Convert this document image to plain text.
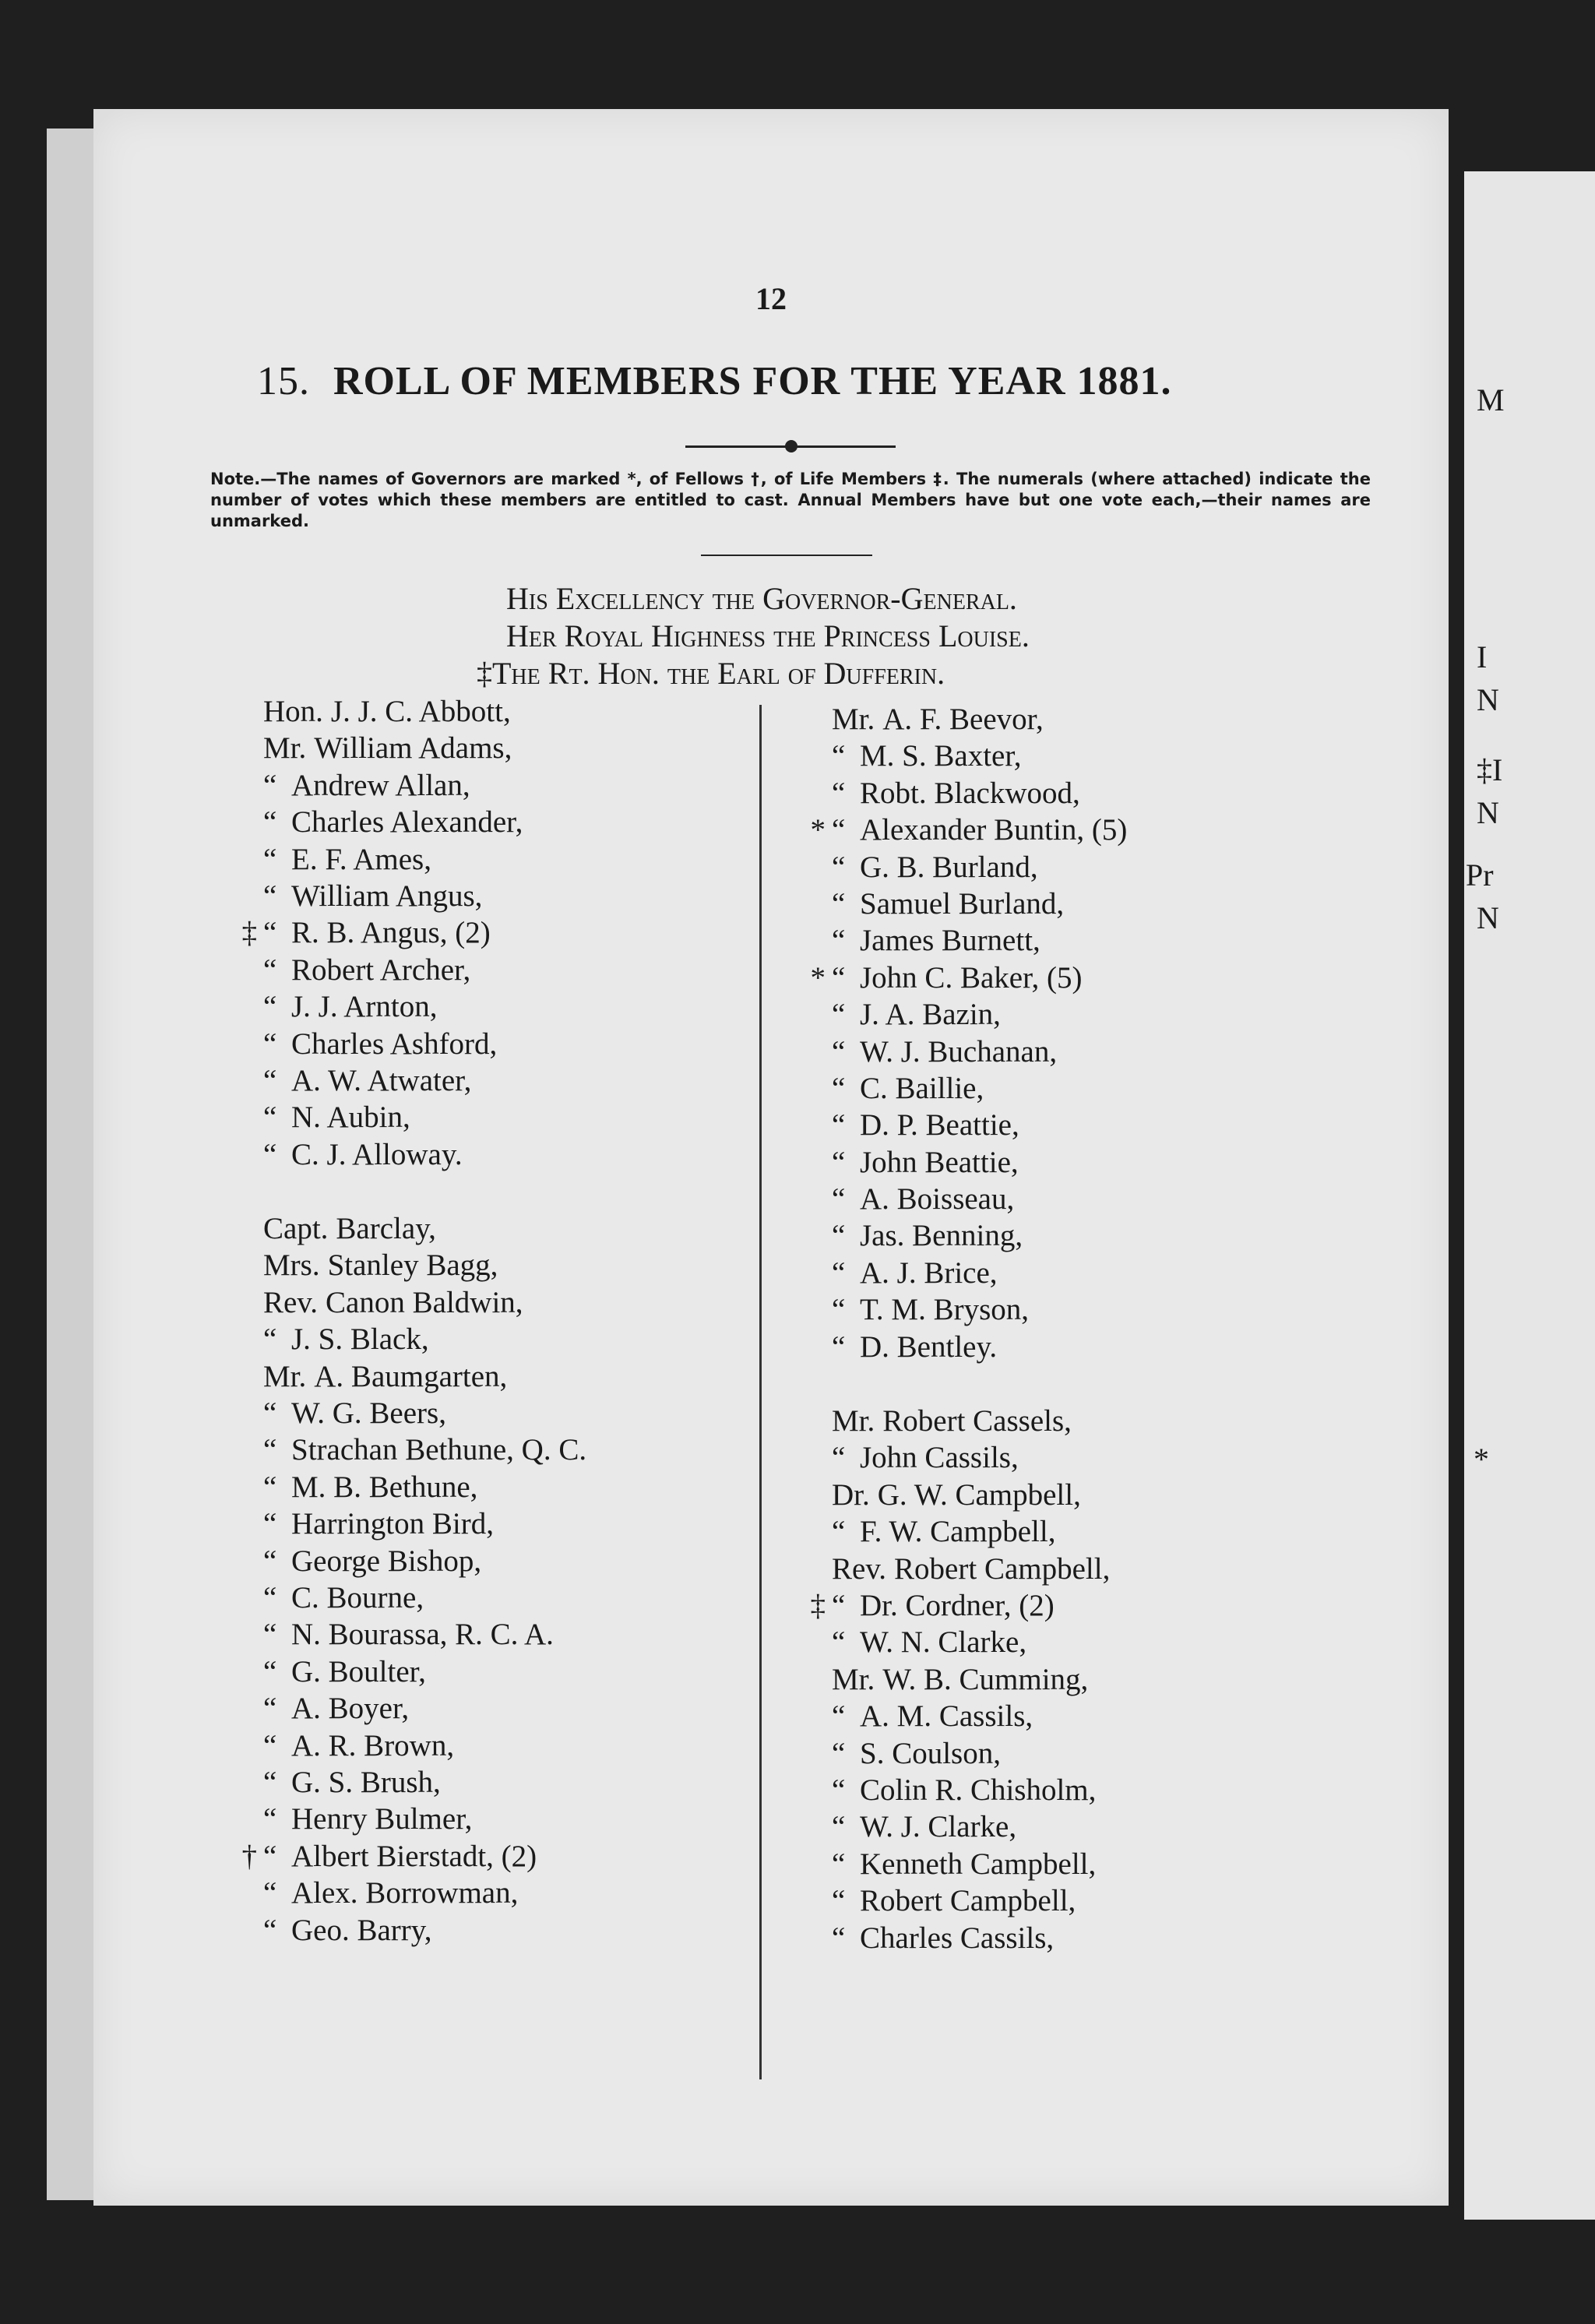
12
15. ROLL OF MEMBERS FOR THE YEAR 1881.
Note.—The names of Governors are marked *, of Fellows †, of Life Members ‡. The numerals (where attached) indicate the number of votes which these members are entitled to cast. Annual Members have but one vote each,—their names are unmarked.
His Excellency the Governor-General.
Her Royal Highness the Princess Louise.
‡The Rt. Hon. the Earl of Dufferin.
Hon. J. J. C. Abbott,
Mr. William Adams,
“ Andrew Allan,
“ Charles Alexander,
“ E. F. Ames,
“ William Angus,
‡ “ R. B. Angus, (2)
“ Robert Archer,
“ J. J. Arnton,
“ Charles Ashford,
“ A. W. Atwater,
“ N. Aubin,
“ C. J. Alloway.
Capt. Barclay,
Mrs. Stanley Bagg,
Rev. Canon Baldwin,
“ J. S. Black,
Mr. A. Baumgarten,
“ W. G. Beers,
“ Strachan Bethune, Q. C.
“ M. B. Bethune,
“ Harrington Bird,
“ George Bishop,
“ C. Bourne,
“ N. Bourassa, R. C. A.
“ G. Boulter,
“ A. Boyer,
“ A. R. Brown,
“ G. S. Brush,
“ Henry Bulmer,
† “ Albert Bierstadt, (2)
“ Alex. Borrowman,
“ Geo. Barry,
Mr. A. F. Beevor,
“ M. S. Baxter,
“ Robt. Blackwood,
* “ Alexander Buntin, (5)
“ G. B. Burland,
“ Samuel Burland,
“ James Burnett,
* “ John C. Baker, (5)
“ J. A. Bazin,
“ W. J. Buchanan,
“ C. Baillie,
“ D. P. Beattie,
“ John Beattie,
“ A. Boisseau,
“ Jas. Benning,
“ A. J. Brice,
“ T. M. Bryson,
“ D. Bentley.
Mr. Robert Cassels,
“ John Cassils,
Dr. G. W. Campbell,
“ F. W. Campbell,
Rev. Robert Campbell,
‡ “ Dr. Cordner, (2)
“ W. N. Clarke,
Mr. W. B. Cumming,
“ A. M. Cassils,
“ S. Coulson,
“ Colin R. Chisholm,
“ W. J. Clarke,
“ Kenneth Campbell,
“ Robert Campbell,
“ Charles Cassils,
M
I
N
‡I
N
Pr
N
*
